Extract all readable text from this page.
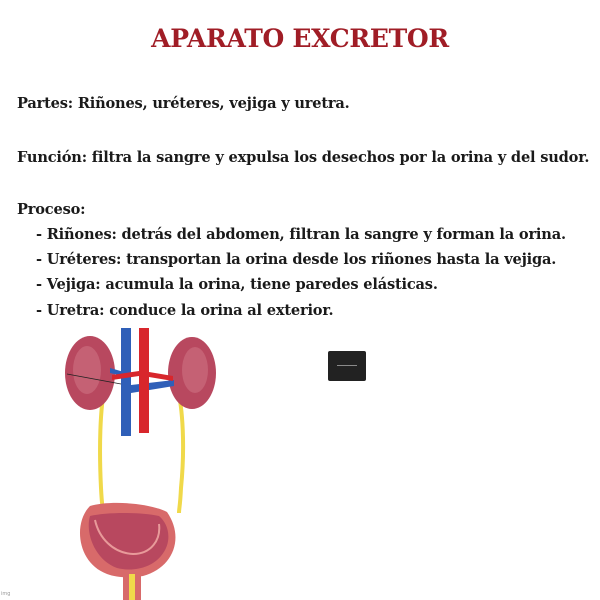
APARATO EXCRETOR

Partes: Riñones, uréteres, vejiga y uretra.

Función: filtra la sangre y expulsa los desechos por la orina y del sudor.

Proceso:

- Riñones: detrás del abdomen, filtran la sangre y forman la orina.

- Uréteres: transportan la orina desde los riñones hasta la vejiga.

- Vejiga: acumula la orina, tiene paredes elásticas.

- Uretra: conduce la orina al exterior.

img
